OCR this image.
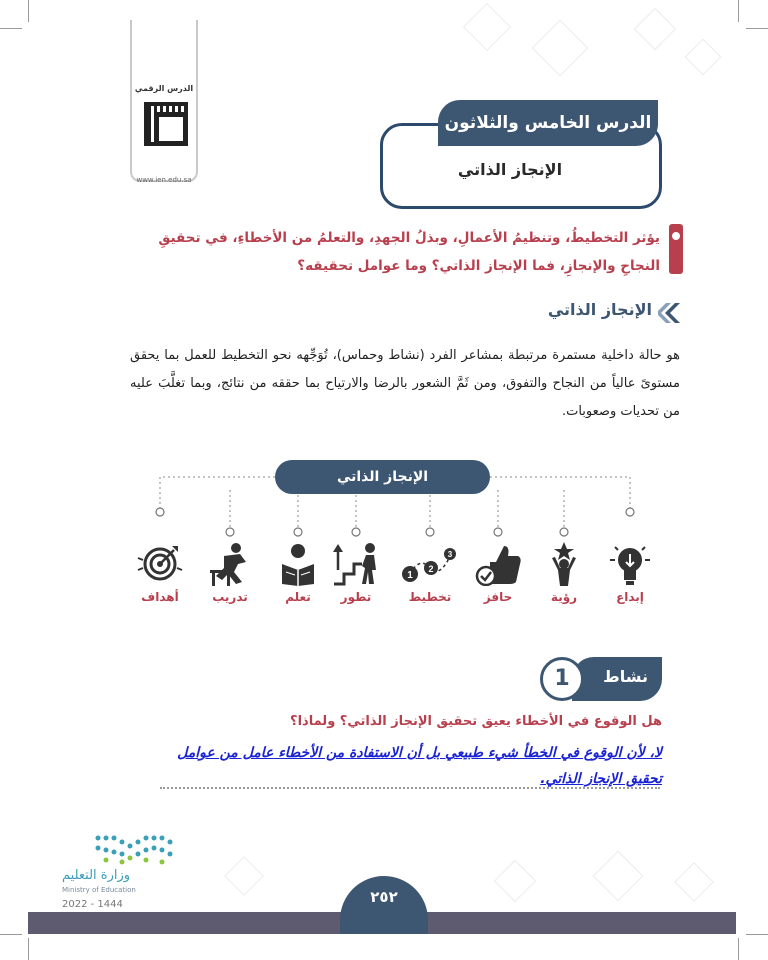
الدرس الرقمي
www.ien.edu.sa
الدرس الخامس والثلاثون
الإنجاز الذاتي
يؤثر التخطيطُ، وتنظيمُ الأعمالِ، وبذلُ الجهدِ، والتعلمُ من الأخطاءِ، في تحقيقِ النجاحِ والإنجازِ، فما الإنجاز الذاتي؟ وما عوامل تحقيقه؟
الإنجاز الذاتي
هو حالة داخلية مستمرة مرتبطة بمشاعر الفرد (نشاط وحماس)، تُوَجِّهه نحو التخطيط للعمل بما يحقق مستوىً عالياً من النجاح والتفوق، ومن ثَمَّ الشعور بالرضا والارتياح بما حققه من نتائج، وبما تغلَّبَ عليه من تحديات وصعوبات.
الإنجاز الذاتي
أهداف	تدريب	تعلم	تطور
1
2
3
تخطيط	حافز	رؤية	إبداع
نشاط
1
هل الوقوع في الأخطاء يعيق تحقيق الإنجاز الذاتي؟ ولماذا؟
لا، لأن الوقوع في الخطأ شيء طبيعي بل أن الاستفادة من الأخطاء عامل من عوامل تحقيق الإنجاز الذاتي.
وزارة التعليم
Ministry of Education
2022 - 1444	٢٥٢
